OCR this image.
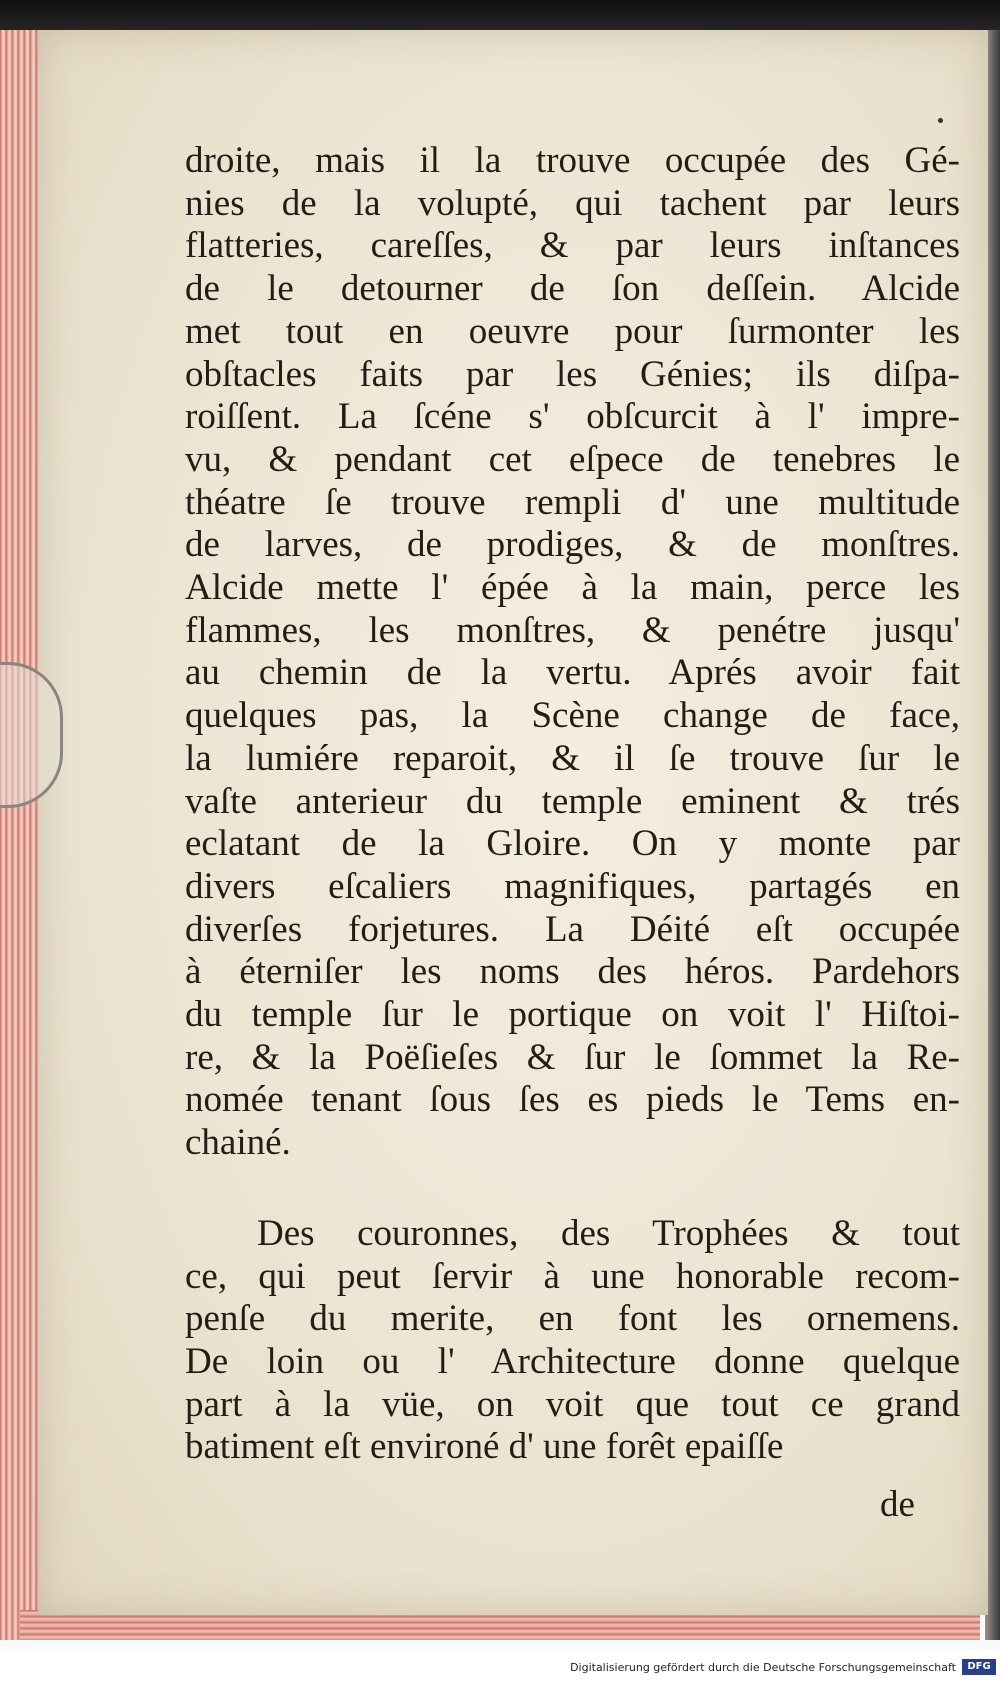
droite, mais il la trouve occupée des Gé-
nies de la volupté, qui tachent par leurs
flatteries, careſſes, & par leurs inſtances
de le detourner de ſon deſſein. Alcide
met tout en oeuvre pour ſurmonter les
obſtacles faits par les Génies; ils diſpa-
roiſſent. La ſcéne s' obſcurcit à l' impre-
vu, & pendant cet eſpece de tenebres le
théatre ſe trouve rempli d' une multitude
de larves, de prodiges, & de monſtres.
Alcide mette l' épée à la main, perce les
flammes, les monſtres, & penétre jusqu'
au chemin de la vertu. Aprés avoir fait
quelques pas, la Scène change de face,
la lumiére reparoit, & il ſe trouve ſur le
vaſte anterieur du temple eminent & trés
eclatant de la Gloire. On y monte par
divers eſcaliers magnifiques, partagés en
diverſes forjetures. La Déité eſt occupée
à éterniſer les noms des héros. Pardehors
du temple ſur le portique on voit l' Hiſtoi-
re, & la Poëſieſes & ſur le ſommet la Re-
nomée tenant ſous ſes es pieds le Tems en-
chainé.
Des couronnes, des Trophées & tout
ce, qui peut ſervir à une honorable recom-
penſe du merite, en font les ornemens.
De loin ou l' Architecture donne quelque
part à la vüe, on voit que tout ce grand
batiment eſt environé d' une forêt epaiſſe
de
Digitalisierung gefördert durch die Deutsche Forschungsgemeinschaft	DFG
